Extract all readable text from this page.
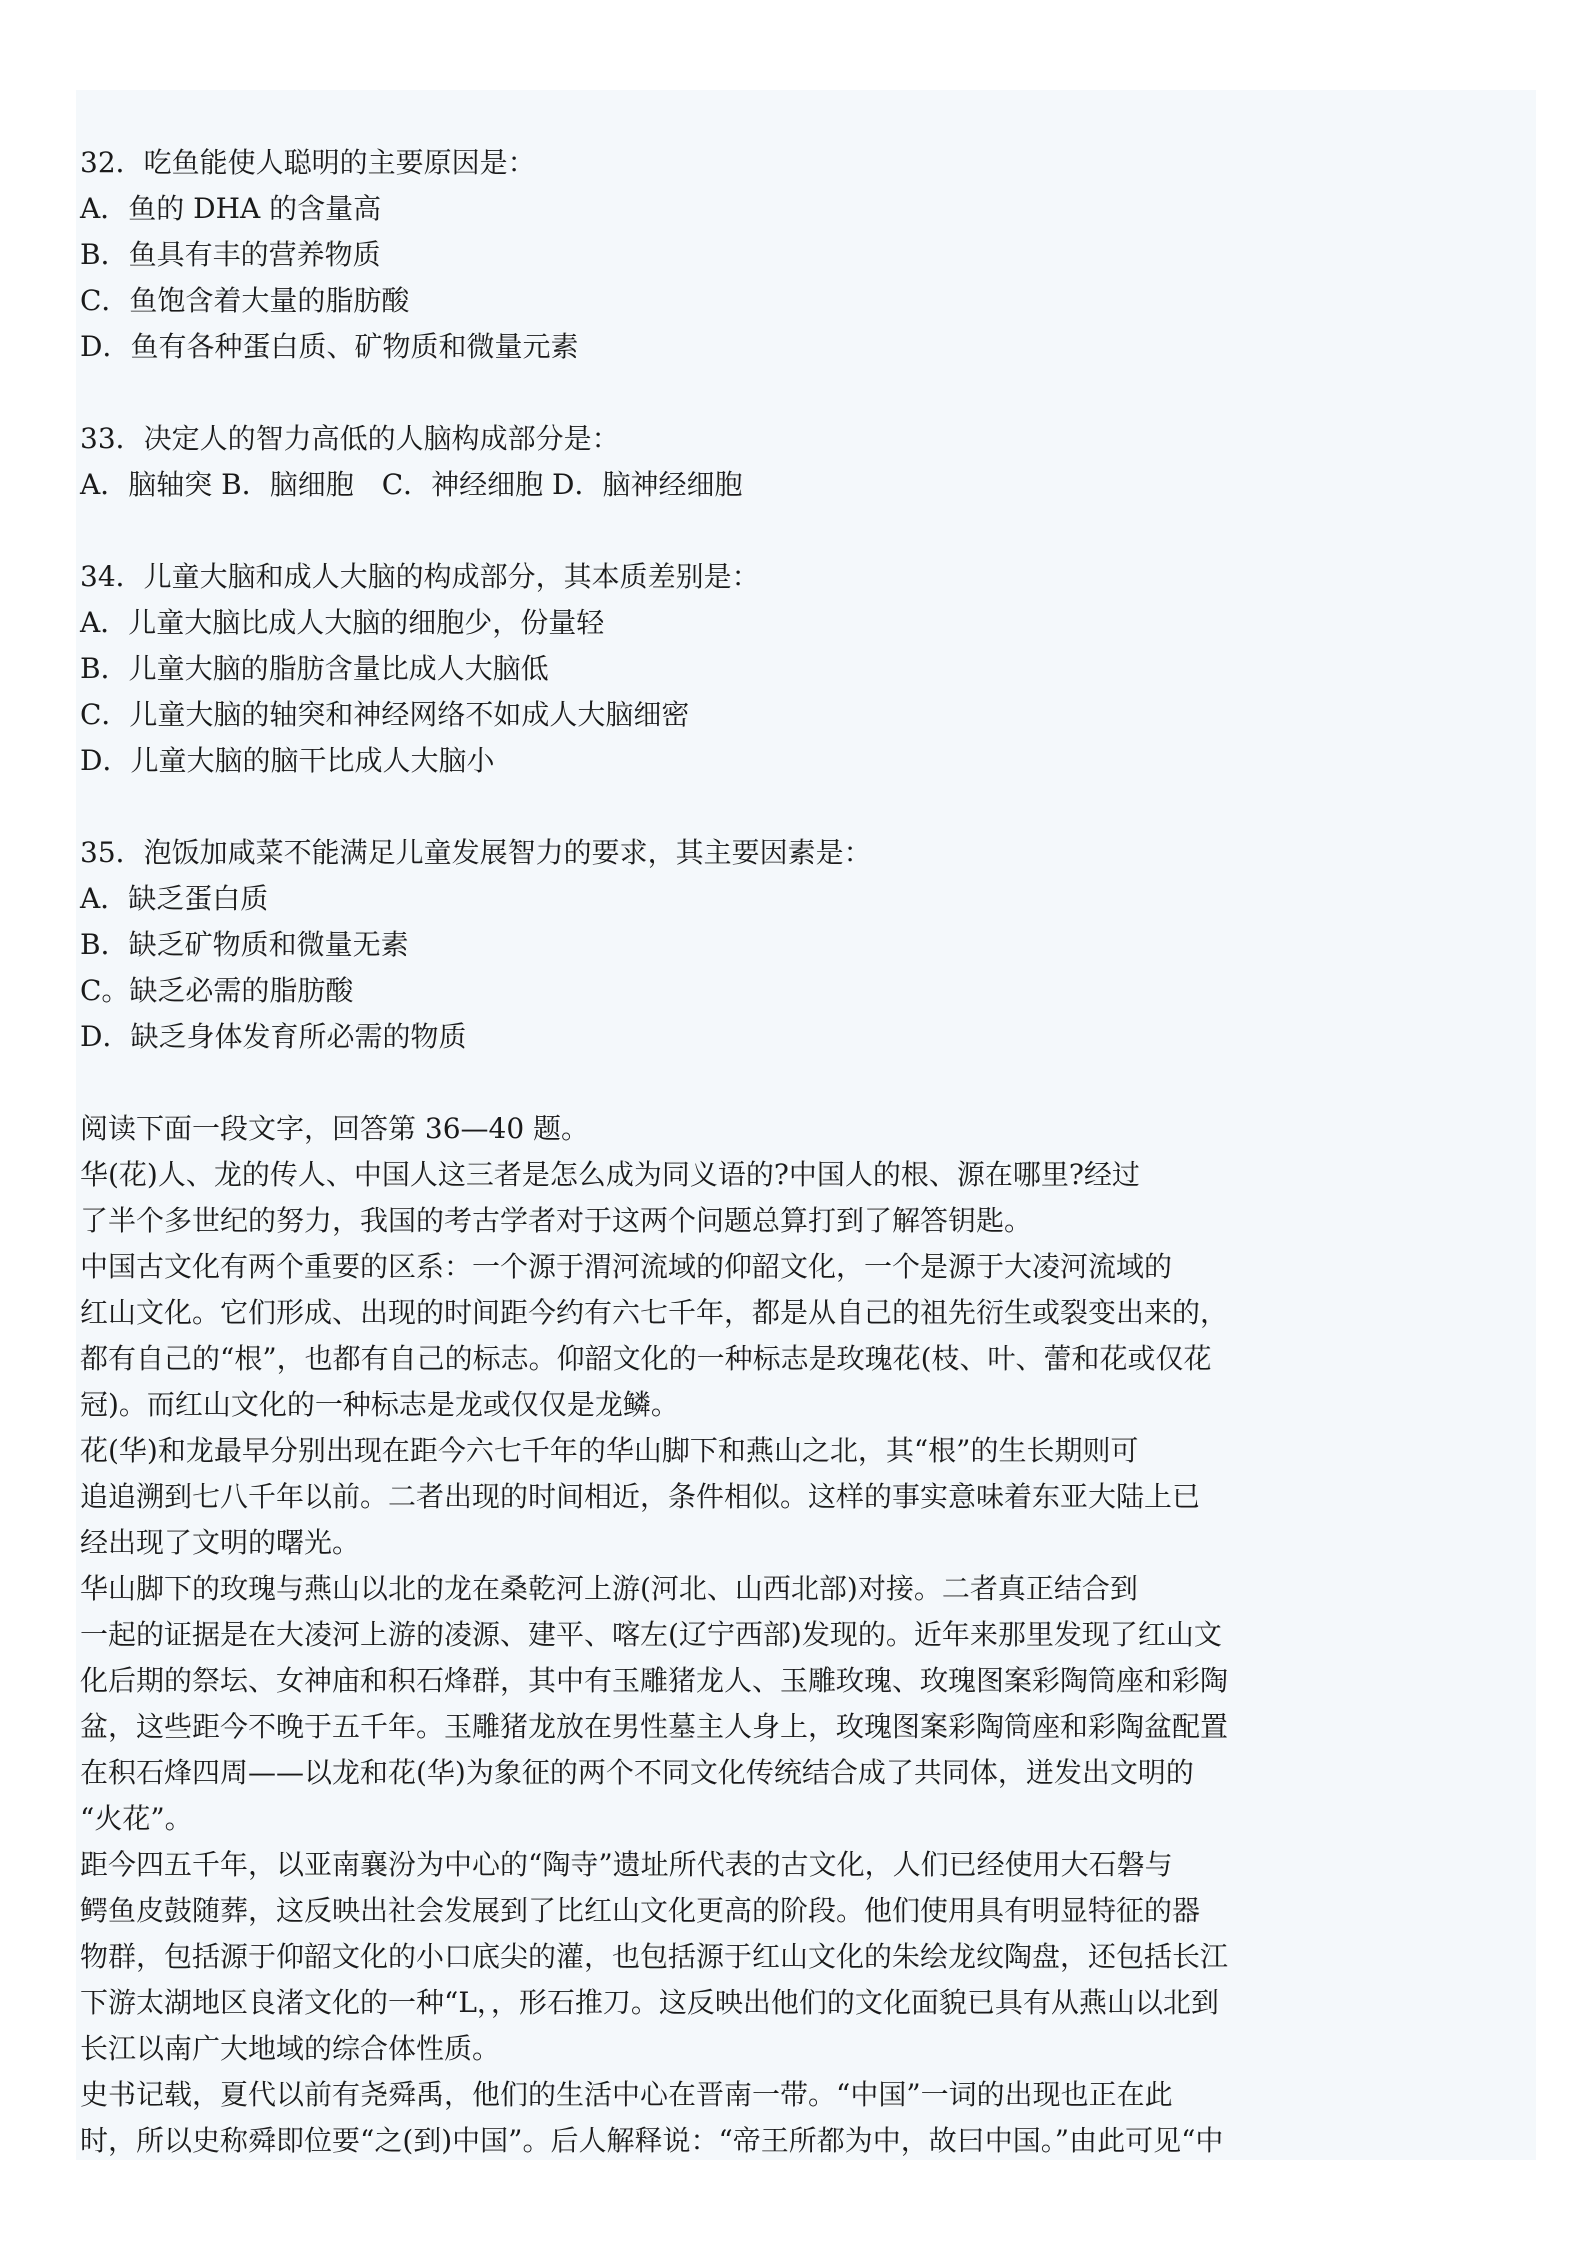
32．吃鱼能使人聪明的主要原因是：
A．鱼的 DHA 的含量高
B．鱼具有丰的营养物质
C．鱼饱含着大量的脂肪酸
D．鱼有各种蛋白质、矿物质和微量元素
33．决定人的智力高低的人脑构成部分是：
A．脑轴突 B．脑细胞　C．神经细胞 D．脑神经细胞
34．儿童大脑和成人大脑的构成部分，其本质差别是：
A．儿童大脑比成人大脑的细胞少，份量轻
B．儿童大脑的脂肪含量比成人大脑低
C．儿童大脑的轴突和神经网络不如成人大脑细密
D．儿童大脑的脑干比成人大脑小
35．泡饭加咸菜不能满足儿童发展智力的要求，其主要因素是：
A．缺乏蛋白质
B．缺乏矿物质和微量无素
C。缺乏必需的脂肪酸
D．缺乏身体发育所必需的物质
阅读下面一段文字，回答第 36—40 题。
华(花)人、龙的传人、中国人这三者是怎么成为同义语的?中国人的根、源在哪里?经过
了半个多世纪的努力，我国的考古学者对于这两个问题总算打到了解答钥匙。
中国古文化有两个重要的区系：一个源于渭河流域的仰韶文化，一个是源于大凌河流域的
红山文化。它们形成、出现的时间距今约有六七千年，都是从自己的祖先衍生或裂变出来的，
都有自己的“根”，也都有自己的标志。仰韶文化的一种标志是玫瑰花(枝、叶、蕾和花或仅花
冠)。而红山文化的一种标志是龙或仅仅是龙鳞。
花(华)和龙最早分别出现在距今六七千年的华山脚下和燕山之北，其“根”的生长期则可
追追溯到七八千年以前。二者出现的时间相近，条件相似。这样的事实意味着东亚大陆上已
经出现了文明的曙光。
华山脚下的玫瑰与燕山以北的龙在桑乾河上游(河北、山西北部)对接。二者真正结合到
一起的证据是在大凌河上游的凌源、建平、喀左(辽宁西部)发现的。近年来那里发现了红山文
化后期的祭坛、女神庙和积石烽群，其中有玉雕猪龙人、玉雕玫瑰、玫瑰图案彩陶筒座和彩陶
盆，这些距今不晚于五千年。玉雕猪龙放在男性墓主人身上，玫瑰图案彩陶筒座和彩陶盆配置
在积石烽四周——以龙和花(华)为象征的两个不同文化传统结合成了共同体，迸发出文明的
“火花”。
距今四五千年，以亚南襄汾为中心的“陶寺”遗址所代表的古文化，人们已经使用大石磐与
鳄鱼皮鼓随葬，这反映出社会发展到了比红山文化更高的阶段。他们使用具有明显特征的器
物群，包括源于仰韶文化的小口底尖的灌，也包括源于红山文化的朱绘龙纹陶盘，还包括长江
下游太湖地区良渚文化的一种“L，，形石推刀。这反映出他们的文化面貌已具有从燕山以北到
长江以南广大地域的综合体性质。
史书记载，夏代以前有尧舜禹，他们的生活中心在晋南一带。“中国”一词的出现也正在此
时，所以史称舜即位要“之(到)中国”。后人解释说：“帝王所都为中，故曰中国。”由此可见“中
